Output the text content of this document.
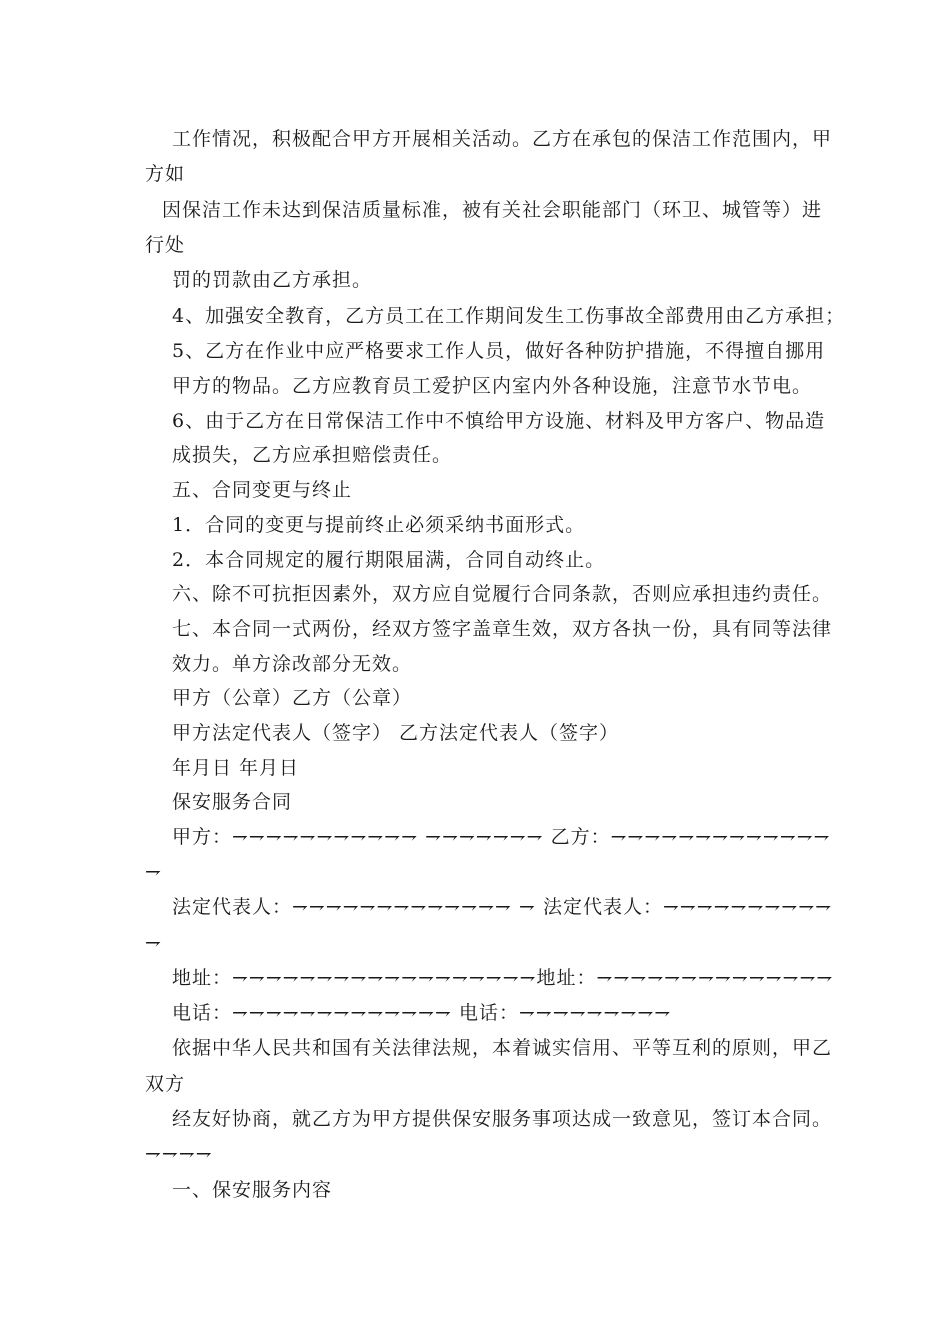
工作情况，积极配合甲方开展相关活动。乙方在承包的保洁工作范围内，甲

方如

因保洁工作未达到保洁质量标准，被有关社会职能部门（环卫、城管等）进

行处

罚的罚款由乙方承担。

4、加强安全教育，乙方员工在工作期间发生工伤事故全部费用由乙方承担；

5、乙方在作业中应严格要求工作人员，做好各种防护措施，不得擅自挪用

甲方的物品。乙方应教育员工爱护区内室内外各种设施，注意节水节电。

6、由于乙方在日常保洁工作中不慎给甲方设施、材料及甲方客户、物品造

成损失，乙方应承担赔偿责任。

五、合同变更与终止

1．合同的变更与提前终止必须采纳书面形式。

2．本合同规定的履行期限届满，合同自动终止。

六、除不可抗拒因素外，双方应自觉履行合同条款，否则应承担违约责任。

七、本合同一式两份，经双方签字盖章生效，双方各执一份，具有同等法律

效力。单方涂改部分无效。

甲方（公章）乙方（公章）

甲方法定代表人（签字） 乙方法定代表人（签字）

年月日 年月日

保安服务合同

甲方：⇁⇁⇁⇁⇁⇁⇁⇁⇁⇁⇁ ⇁⇁⇁⇁⇁⇁⇁ 乙方：⇁⇁⇁⇁⇁⇁⇁⇁⇁⇁⇁⇁⇁

⇁

法定代表人：⇁⇁⇁⇁⇁⇁⇁⇁⇁⇁⇁⇁⇁ ⇁ 法定代表人：⇁⇁⇁⇁⇁⇁⇁⇁⇁⇁

⇁

地址：⇁⇁⇁⇁⇁⇁⇁⇁⇁⇁⇁⇁⇁⇁⇁⇁⇁⇁地址：⇁⇁⇁⇁⇁⇁⇁⇁⇁⇁⇁⇁⇁⇁

电话：⇁⇁⇁⇁⇁⇁⇁⇁⇁⇁⇁⇁⇁ 电话：⇁⇁⇁⇁⇁⇁⇁⇁⇁

依据中华人民共和国有关法律法规，本着诚实信用、平等互利的原则，甲乙

双方

经友好协商，就乙方为甲方提供保安服务事项达成一致意见，签订本合同。

⇁⇁⇁⇁

一、保安服务内容
